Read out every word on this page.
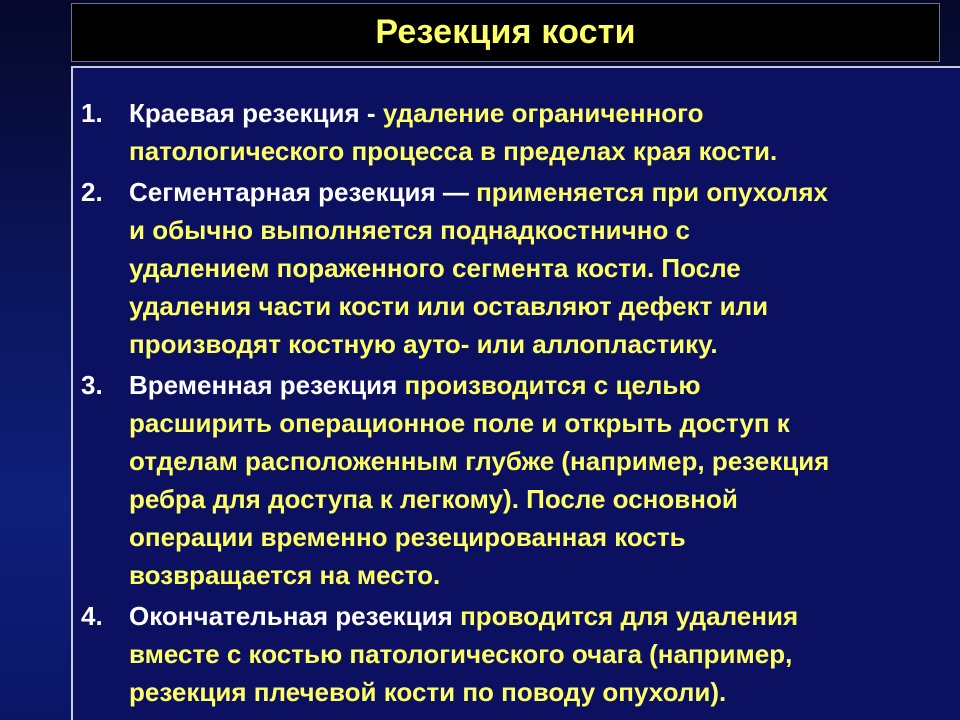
Резекция кости
1.	Краевая резекция - удаление ограниченного
патологического процесса в пределах края кости.
2.	Сегментарная резекция — применяется при опухолях
и обычно выполняется поднадкостнично с
удалением пораженного сегмента кости. После
удаления части кости или оставляют дефект или
производят костную ауто- или аллопластику.
3.	Временная резекция производится с целью
расширить операционное поле и открыть доступ к
отделам расположенным глубже (например, резекция
ребра для доступа к легкому). После основной
операции временно резецированная кость
возвращается на место.
4.	Окончательная резекция проводится для удаления
вместе с костью патологического очага (например,
резекция плечевой кости по поводу опухоли).
